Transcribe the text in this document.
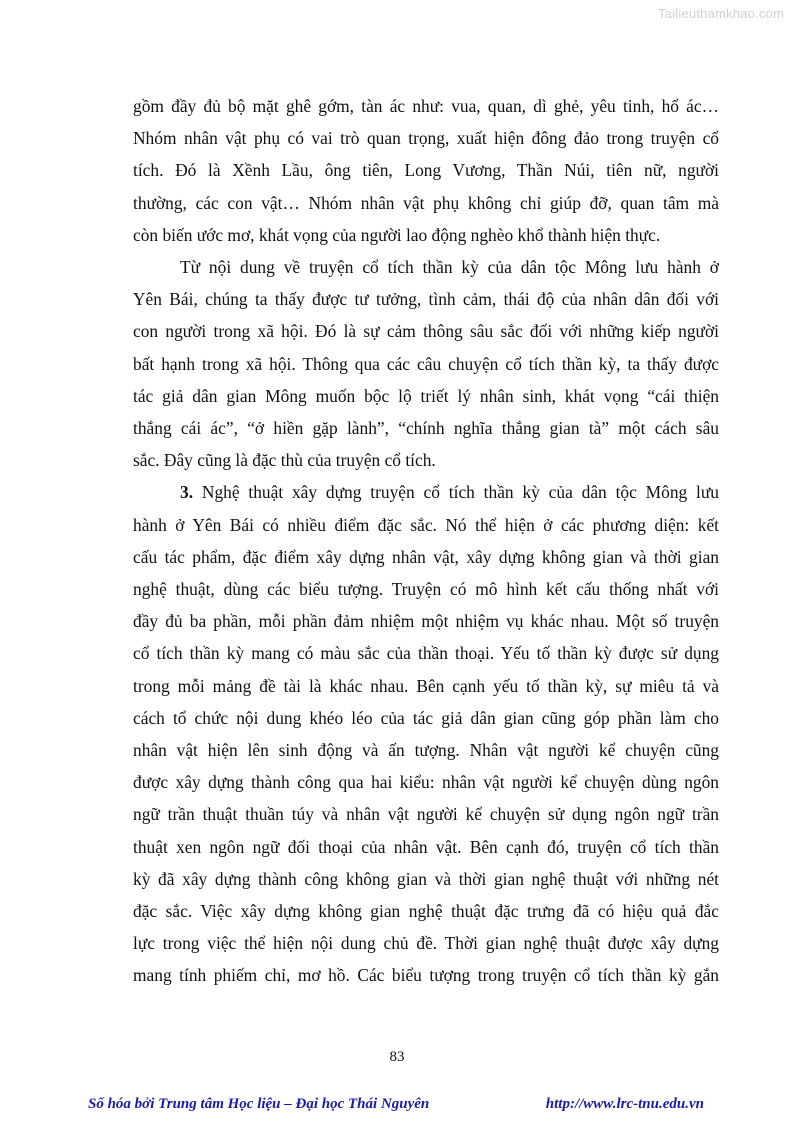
Tailieuthamkhao.com

gồm đầy đủ bộ mặt ghê gớm, tàn ác như: vua, quan, dì ghẻ, yêu tinh, hổ ác…
Nhóm nhân vật phụ có vai trò quan trọng, xuất hiện đông đảo trong truyện cổ
tích. Đó là Xềnh Lầu, ông tiên, Long Vương, Thần Núi, tiên nữ, người
thường, các con vật… Nhóm nhân vật phụ không chỉ giúp đỡ, quan tâm mà
còn biến ước mơ, khát vọng của người lao động nghèo khổ thành hiện thực.

Từ nội dung về truyện cổ tích thần kỳ của dân tộc Mông lưu hành ở
Yên Bái, chúng ta thấy được tư tưởng, tình cảm, thái độ của nhân dân đối với
con người trong xã hội. Đó là sự cảm thông sâu sắc đối với những kiếp người
bất hạnh trong xã hội. Thông qua các câu chuyện cổ tích thần kỳ, ta thấy được
tác giả dân gian Mông muốn bộc lộ triết lý nhân sinh, khát vọng “cái thiện
thắng cái ác”, “ở hiền gặp lành”, “chính nghĩa thắng gian tà” một cách sâu
sắc. Đây cũng là đặc thù của truyện cổ tích.

3. Nghệ thuật xây dựng truyện cổ tích thần kỳ của dân tộc Mông lưu
hành ở Yên Bái có nhiều điểm đặc sắc. Nó thể hiện ở các phương diện: kết
cấu tác phẩm, đặc điểm xây dựng nhân vật, xây dựng không gian và thời gian
nghệ thuật, dùng các biểu tượng. Truyện có mô hình kết cấu thống nhất với
đầy đủ ba phần, mỗi phần đảm nhiệm một nhiệm vụ khác nhau. Một số truyện
cổ tích thần kỳ mang có màu sắc của thần thoại. Yếu tố thần kỳ được sử dụng
trong mỗi mảng đề tài là khác nhau. Bên cạnh yếu tố thần kỳ, sự miêu tả và
cách tổ chức nội dung khéo léo của tác giả dân gian cũng góp phần làm cho
nhân vật hiện lên sinh động và ấn tượng. Nhân vật người kể chuyện cũng
được xây dựng thành công qua hai kiểu: nhân vật người kể chuyện dùng ngôn
ngữ trần thuật thuần túy và nhân vật người kể chuyện sử dụng ngôn ngữ trần
thuật xen ngôn ngữ đối thoại của nhân vật. Bên cạnh đó, truyện cổ tích thần
kỳ đã xây dựng thành công không gian và thời gian nghệ thuật với những nét
đặc sắc. Việc xây dựng không gian nghệ thuật đặc trưng đã có hiệu quả đắc
lực trong việc thể hiện nội dung chủ đề. Thời gian nghệ thuật được xây dựng
mang tính phiếm chỉ, mơ hồ. Các biểu tượng trong truyện cổ tích thần kỳ gắn

83
Số hóa bởi Trung tâm Học liệu – Đại học Thái Nguyên	http://www.lrc-tnu.edu.vn
